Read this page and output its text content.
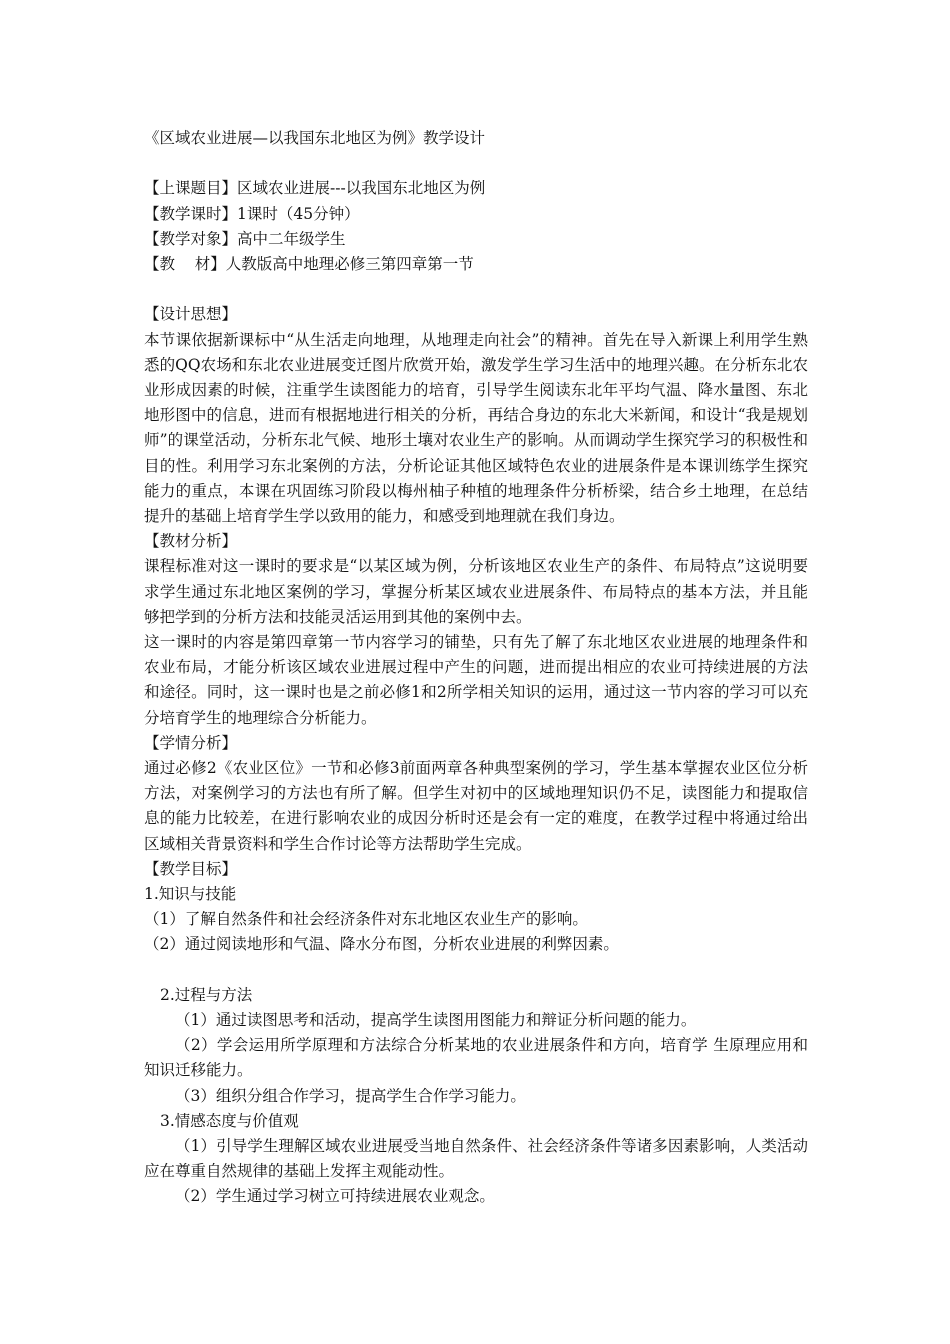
《区域农业进展—以我国东北地区为例》教学设计

【上课题目】区域农业进展---以我国东北地区为例

【教学课时】1课时（45分钟）

【教学对象】高中二年级学生

【教    材】人教版高中地理必修三第四章第一节

【设计思想】

本节课依据新课标中“从生活走向地理，从地理走向社会”的精神。首先在导入新课上利用学生熟悉的QQ农场和东北农业进展变迁图片欣赏开始，激发学生学习生活中的地理兴趣。在分析东北农业形成因素的时候，注重学生读图能力的培育，引导学生阅读东北年平均气温、降水量图、东北地形图中的信息，进而有根据地进行相关的分析，再结合身边的东北大米新闻，和设计“我是规划师”的课堂活动，分析东北气候、地形土壤对农业生产的影响。从而调动学生探究学习的积极性和目的性。利用学习东北案例的方法，分析论证其他区域特色农业的进展条件是本课训练学生探究能力的重点，本课在巩固练习阶段以梅州柚子种植的地理条件分析桥梁，结合乡土地理，在总结提升的基础上培育学生学以致用的能力，和感受到地理就在我们身边。

【教材分析】

课程标准对这一课时的要求是“以某区域为例，分析该地区农业生产的条件、布局特点”这说明要求学生通过东北地区案例的学习，掌握分析某区域农业进展条件、布局特点的基本方法，并且能够把学到的分析方法和技能灵活运用到其他的案例中去。

这一课时的内容是第四章第一节内容学习的铺垫，只有先了解了东北地区农业进展的地理条件和农业布局，才能分析该区域农业进展过程中产生的问题，进而提出相应的农业可持续进展的方法和途径。同时，这一课时也是之前必修1和2所学相关知识的运用，通过这一节内容的学习可以充分培育学生的地理综合分析能力。

【学情分析】

通过必修2《农业区位》一节和必修3前面两章各种典型案例的学习，学生基本掌握农业区位分析方法，对案例学习的方法也有所了解。但学生对初中的区域地理知识仍不足，读图能力和提取信息的能力比较差，在进行影响农业的成因分析时还是会有一定的难度，在教学过程中将通过给出区域相关背景资料和学生合作讨论等方法帮助学生完成。

【教学目标】

1.知识与技能

（1）了解自然条件和社会经济条件对东北地区农业生产的影响。

（2）通过阅读地形和气温、降水分布图，分析农业进展的利弊因素。

2.过程与方法

（1）通过读图思考和活动，提高学生读图用图能力和辩证分析问题的能力。

（2）学会运用所学原理和方法综合分析某地的农业进展条件和方向，培育学 生原理应用和知识迁移能力。

（3）组织分组合作学习，提高学生合作学习能力。

3.情感态度与价值观

（1）引导学生理解区域农业进展受当地自然条件、社会经济条件等诸多因素影响，人类活动应在尊重自然规律的基础上发挥主观能动性。

（2）学生通过学习树立可持续进展农业观念。
